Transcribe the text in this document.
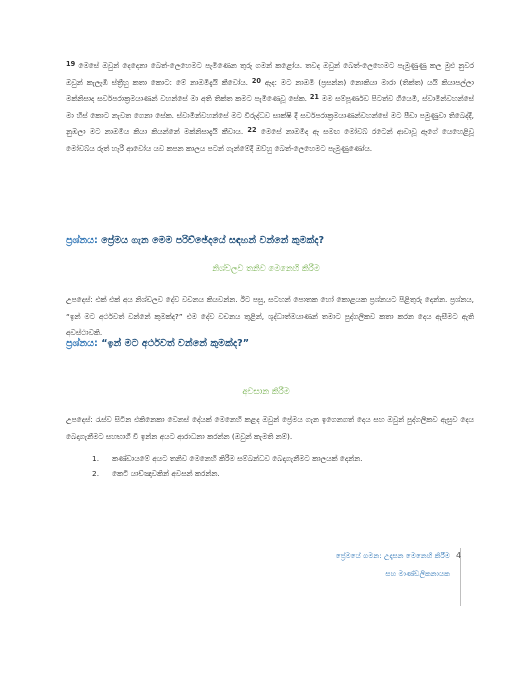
$^{19}$ මෙසේ ඔවුන් දෙදෙනා බෙත්-ලෙහෙමට පැමිණෙන තුරු ගමන් කළෝය. තවද ඔවුන් බෙත්-ලෙහෙමට පැමුණුණු කල මුළු නුවර ඔවුන් කැලැඹී ස්ත්‍රීහු කතා කොට: මේ නාඔමීදැයි කීවෝය. $^{20}$ ඈද: මට නාඔමී (ප්‍රසන්න) නොකියා මාරා (තික්ත) යයි කියාපල්ලා මක්නිසාද සර්වපරාක්‍රමයාණන් වහන්සේ මා අති තික්ත කමට පැමිණෙවූ සේක. $^{21}$ මම සම්පූර්ණව පිටත්ව ගියෙමි, ස්වාමීන්වහන්සේ මා හිස් කොට නැවත ගෙනා සේක. ස්වාමීන්වහන්සේ මට විරුද්ධව සාක්ෂි දී සර්වපරාක්‍රමයාණන්වහන්සේ මට පීඩා පමුණුවා තිබෙද්දී, නුඹලා මට නාඔමීය කියා කියන්නේ මක්නිසාදැයි කීවාය. $^{22}$ මෙසේ නාඔමීද ඈ සමඟ මෝවබ් රටෙන් ආවාවූ ඈගේ යෙහෙළිවූ මෝවබ්ය රූත් හැරී ආවෝය යව කපන කාලය පටන් ගැන්මේදී ඔව්හු බෙත්-ලෙහෙමට පැමුණුණෝය.

ප්‍රශ්නය: ප්‍රේමය ගැන මෙම පරිච්ඡේදයේ සඳහන් වන්නේ කුමක්ද?

නිශ්චලව තනිව මෙනෙහි කිරීම

උපදෙස්: එක් එක් අය නිශ්චලව දේව වචනය කියවන්න. ඊට පසු, සටහන් පොතක හෝ කොළයක ප්‍රශ්නයට පිළිතුරු දෙන්න. ප්‍රශ්නය, “ඉන් මට අර්ථවත් වන්නේ කුමක්ද?” එම දේව වචනය තුළින්, ශුද්ධාත්මයාණන් තමාට පුද්ගලිකව කතා කරන දෙය ඇසීමට ඇති අවස්ථාවකි.

ප්‍රශ්නය: “ඉන් මට අර්ථවත් වන්නේ කුමක්ද?”

අවසාන කිරීම

උපදෙස්: රැස්ව සිටින එකිනෙකා වෙනස් දේයක් මෙනෙහි කළද ඔවුන් ප්‍රේමය ගැන ඉගෙනගත් දෙය සහ ඔවුන් පුද්ගලිකව ඇසුව දෙය බෙදාගැනීමට සහභාගී වී ඉන්න අයට ආරාධනා කරන්න (ඔවුන් කැමති නම්).

1. කණ්ඩායමේ අයට තනිව මෙනෙහි කිරීම සම්බන්ධව බෙදාගැනීමට කාලයක් දෙන්න.
2. කෙටි යාච්ඤාවකින් අවසන් කරන්න.

ප්‍රේමයේ ගමන: උදෑසන මෙනෙහි කිරීම

සහ මාණ්ඩලිකනායක

4
